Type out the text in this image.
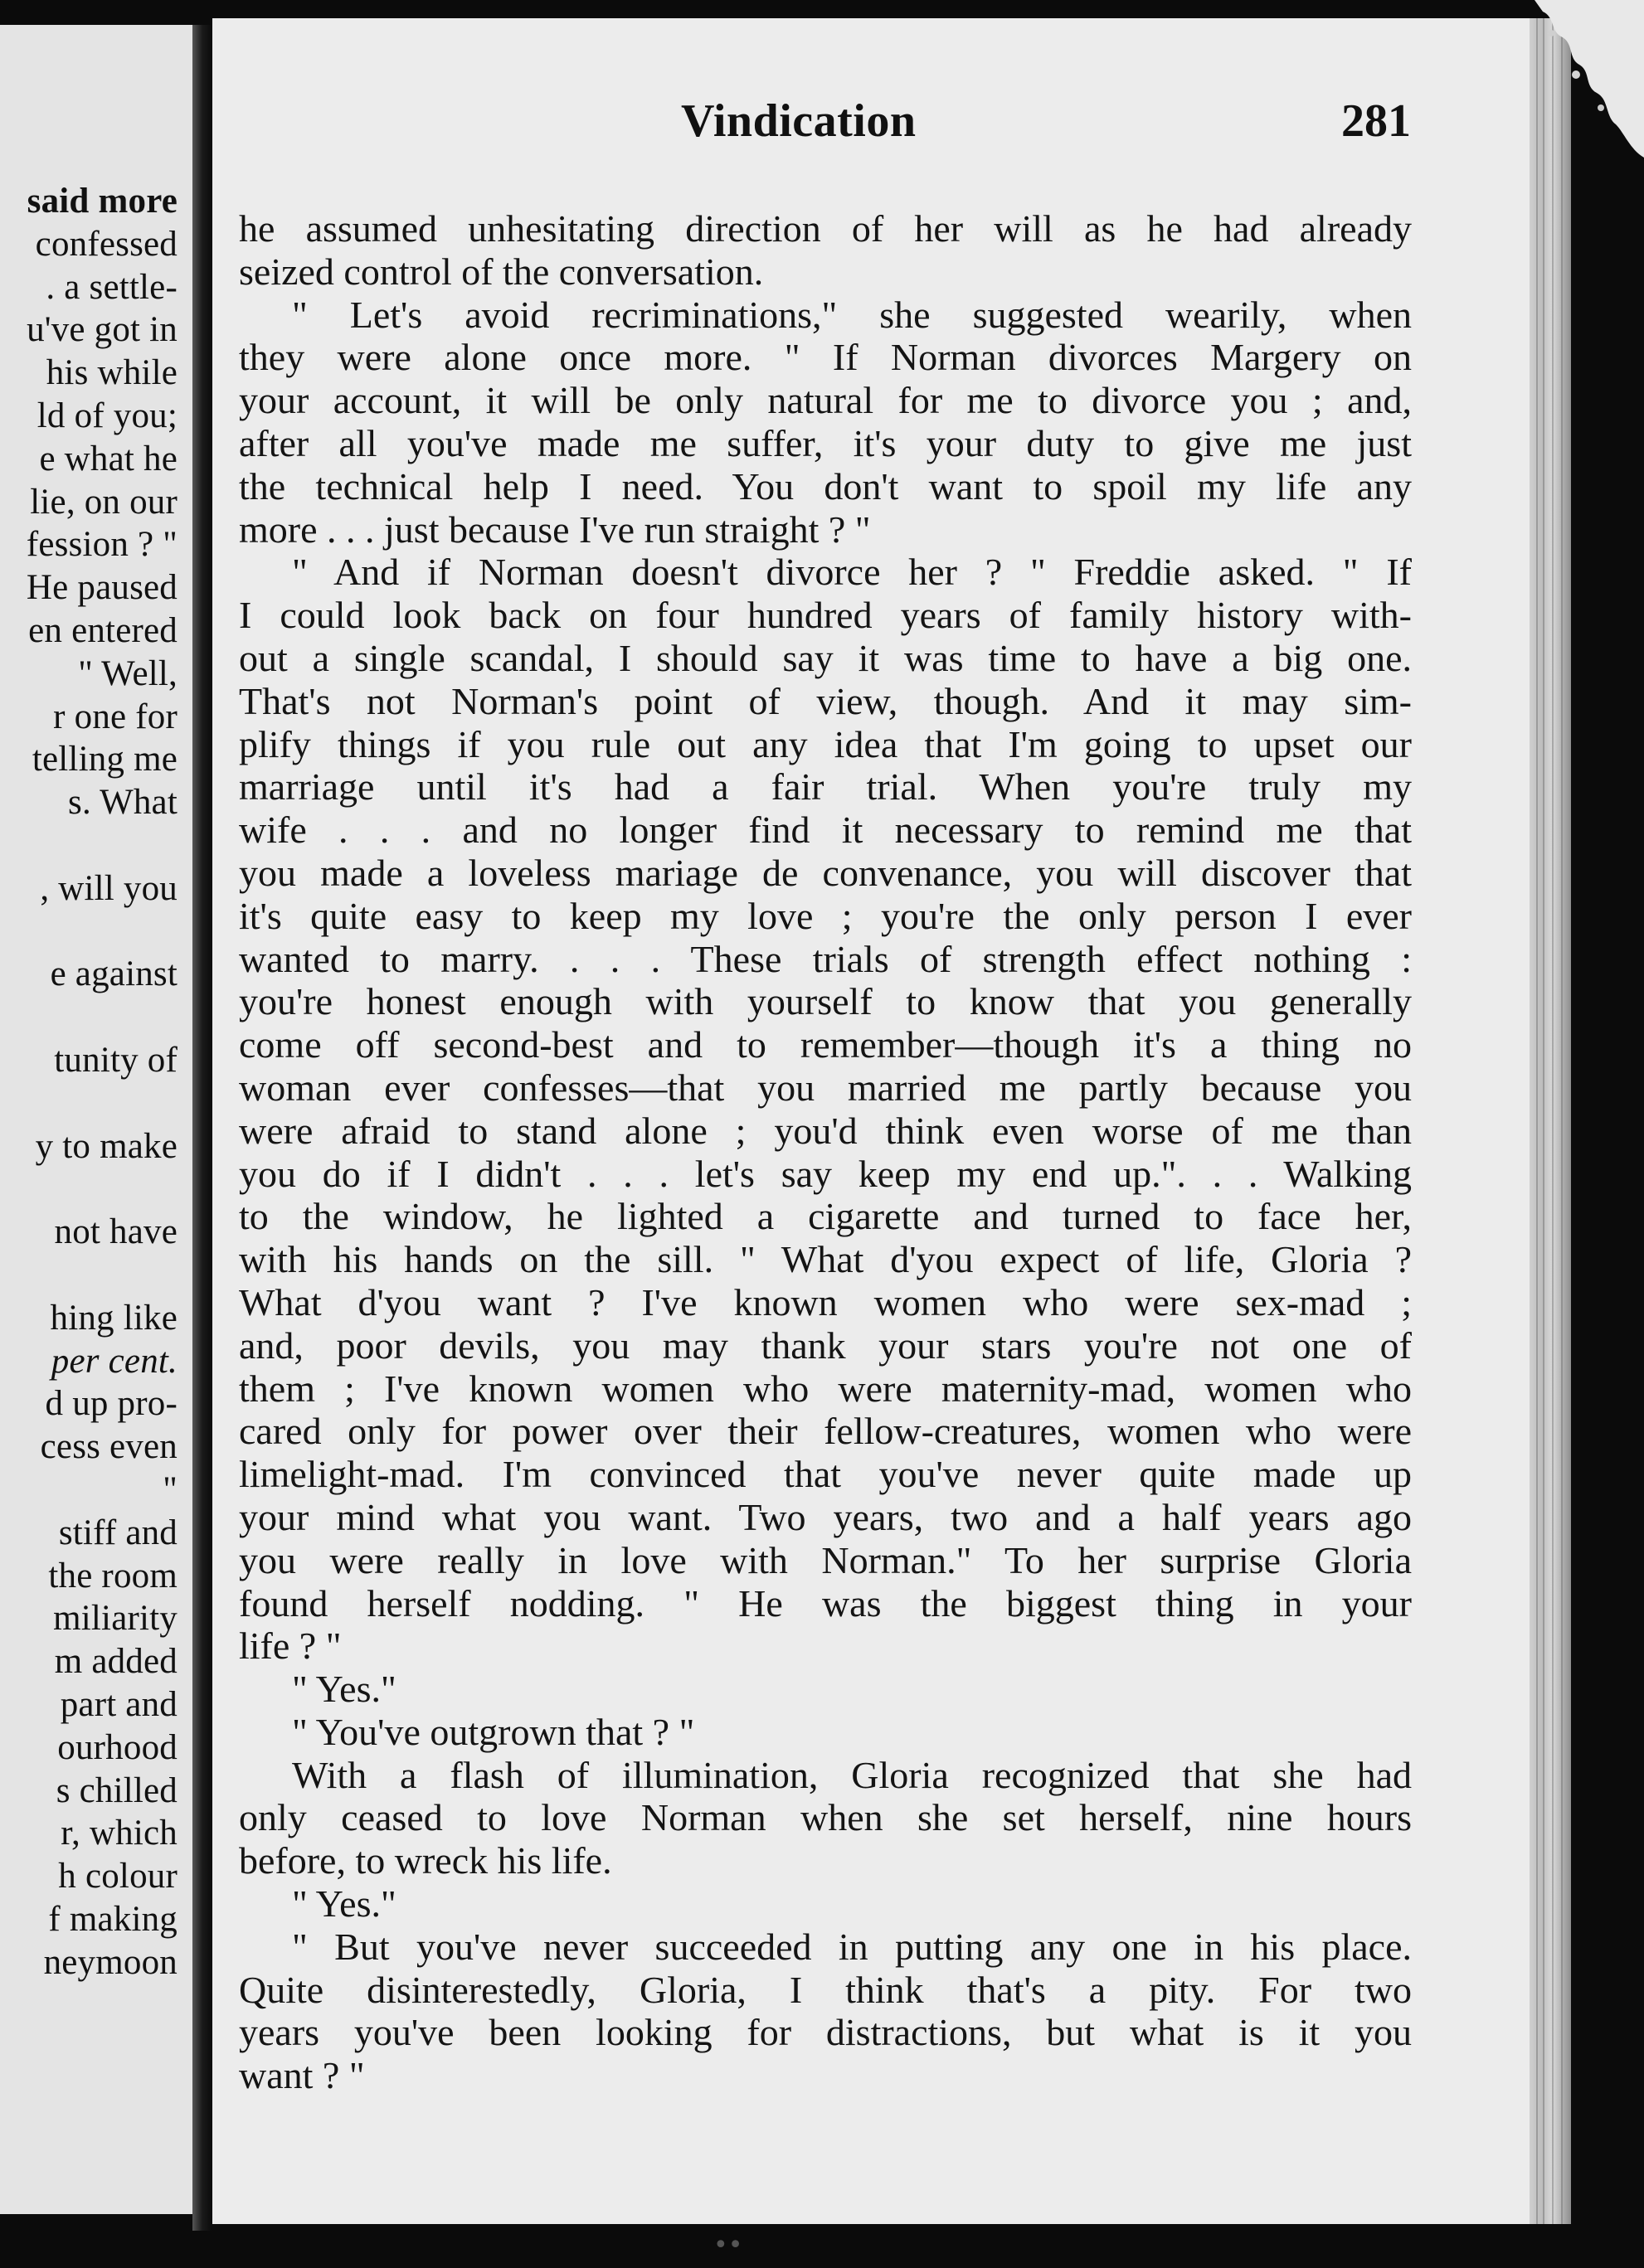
said more
confessed
. a settle-
u've got in
his while
ld of you;
e what he
lie, on our
fession ? "
He paused
en entered
" Well,
r one for
telling me
s. What
, will you
e against
tunity of
y to make
not have
hing like
per cent.
d up pro-
cess even
"
stiff and
the room
miliarity
m added
part and
ourhood
s chilled
r, which
h colour
f making
neymoon
Vindication	281
he assumed unhesitating direction of her will as he had already
seized control of the conversation.
" Let's avoid recriminations," she suggested wearily, when
they were alone once more. " If Norman divorces Margery on
your account, it will be only natural for me to divorce you ; and,
after all you've made me suffer, it's your duty to give me just
the technical help I need. You don't want to spoil my life any
more . . . just because I've run straight ? "
" And if Norman doesn't divorce her ? " Freddie asked. " If
I could look back on four hundred years of family history with-
out a single scandal, I should say it was time to have a big one.
That's not Norman's point of view, though. And it may sim-
plify things if you rule out any idea that I'm going to upset our
marriage until it's had a fair trial. When you're truly my
wife . . . and no longer find it necessary to remind me that
you made a loveless mariage de convenance, you will discover that
it's quite easy to keep my love ; you're the only person I ever
wanted to marry. . . . These trials of strength effect nothing :
you're honest enough with yourself to know that you generally
come off second-best and to remember—though it's a thing no
woman ever confesses—that you married me partly because you
were afraid to stand alone ; you'd think even worse of me than
you do if I didn't . . . let's say keep my end up.". . . Walking
to the window, he lighted a cigarette and turned to face her,
with his hands on the sill. " What d'you expect of life, Gloria ?
What d'you want ? I've known women who were sex-mad ;
and, poor devils, you may thank your stars you're not one of
them ; I've known women who were maternity-mad, women who
cared only for power over their fellow-creatures, women who were
limelight-mad. I'm convinced that you've never quite made up
your mind what you want. Two years, two and a half years ago
you were really in love with Norman." To her surprise Gloria
found herself nodding. " He was the biggest thing in your
life ? "
" Yes."
" You've outgrown that ? "
With a flash of illumination, Gloria recognized that she had
only ceased to love Norman when she set herself, nine hours
before, to wreck his life.
" Yes."
" But you've never succeeded in putting any one in his place.
Quite disinterestedly, Gloria, I think that's a pity. For two
years you've been looking for distractions, but what is it you
want ? "
••
